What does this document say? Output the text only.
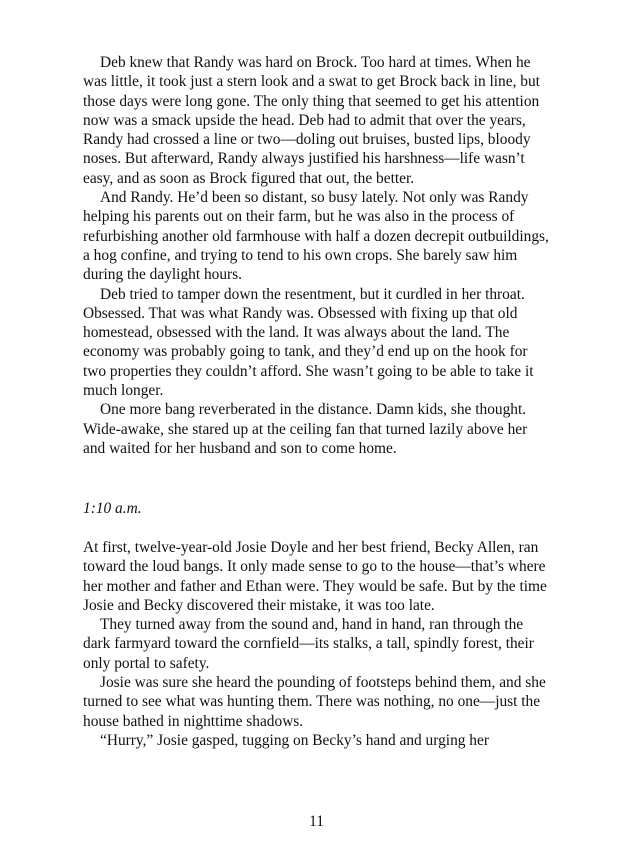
Deb knew that Randy was hard on Brock. Too hard at times. When he was little, it took just a stern look and a swat to get Brock back in line, but those days were long gone. The only thing that seemed to get his attention now was a smack upside the head. Deb had to admit that over the years, Randy had crossed a line or two—doling out bruises, busted lips, bloody noses. But afterward, Randy always justified his harshness—life wasn’t easy, and as soon as Brock figured that out, the better.

And Randy. He’d been so distant, so busy lately. Not only was Randy helping his parents out on their farm, but he was also in the process of refurbishing another old farmhouse with half a dozen decrepit outbuildings, a hog confine, and trying to tend to his own crops. She barely saw him during the daylight hours.

Deb tried to tamper down the resentment, but it curdled in her throat. Obsessed. That was what Randy was. Obsessed with fixing up that old homestead, obsessed with the land. It was always about the land. The economy was probably going to tank, and they’d end up on the hook for two properties they couldn’t afford. She wasn’t going to be able to take it much longer.

One more bang reverberated in the distance. Damn kids, she thought. Wide-awake, she stared up at the ceiling fan that turned lazily above her and waited for her husband and son to come home.

1:10 a.m.

At first, twelve-year-old Josie Doyle and her best friend, Becky Allen, ran toward the loud bangs. It only made sense to go to the house—that’s where her mother and father and Ethan were. They would be safe. But by the time Josie and Becky discovered their mistake, it was too late.

They turned away from the sound and, hand in hand, ran through the dark farmyard toward the cornfield—its stalks, a tall, spindly forest, their only portal to safety.

Josie was sure she heard the pounding of footsteps behind them, and she turned to see what was hunting them. There was nothing, no one—just the house bathed in nighttime shadows.

“Hurry,” Josie gasped, tugging on Becky’s hand and urging her

11
